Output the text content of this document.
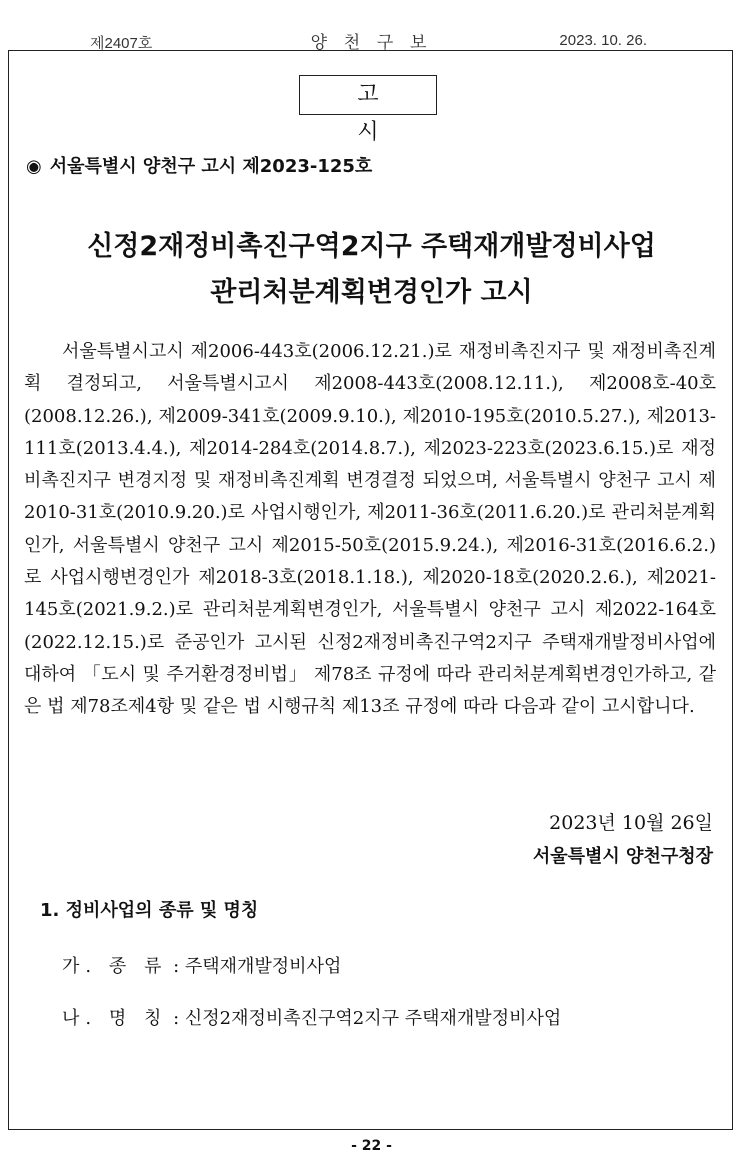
제2407호	양 천 구 보	2023. 10. 26.
고 시
◉ 서울특별시 양천구 고시 제2023-125호
신정2재정비촉진구역2지구 주택재개발정비사업
관리처분계획변경인가 고시

서울특별시고시 제2006-443호(2006.12.21.)로 재정비촉진지구 및 재정비촉진계획 결정되고, 서울특별시고시 제2008-443호(2008.12.11.), 제2008호-40호(2008.12.26.), 제2009-341호(2009.9.10.), 제2010-195호(2010.5.27.), 제2013-111호(2013.4.4.), 제2014-284호(2014.8.7.), 제2023-223호(2023.6.15.)로 재정비촉진지구 변경지정 및 재정비촉진계획 변경결정 되었으며, 서울특별시 양천구 고시 제2010-31호(2010.9.20.)로 사업시행인가, 제2011-36호(2011.6.20.)로 관리처분계획인가, 서울특별시 양천구 고시 제2015-50호(2015.9.24.), 제2016-31호(2016.6.2.)로 사업시행변경인가 제2018-3호(2018.1.18.), 제2020-18호(2020.2.6.), 제2021-145호(2021.9.2.)로 관리처분계획변경인가, 서울특별시 양천구 고시 제2022-164호(2022.12.15.)로 준공인가 고시된 신정2재정비촉진구역2지구 주택재개발정비사업에 대하여 「도시 및 주거환경정비법」 제78조 규정에 따라 관리처분계획변경인가하고, 같은 법 제78조제4항 및 같은 법 시행규칙 제13조 규정에 따라 다음과 같이 고시합니다.

2023년 10월 26일
서울특별시 양천구청장
1. 정비사업의 종류 및 명칭
가. 종 류 : 주택재개발정비사업
나. 명 칭 : 신정2재정비촉진구역2지구 주택재개발정비사업
- 22 -
